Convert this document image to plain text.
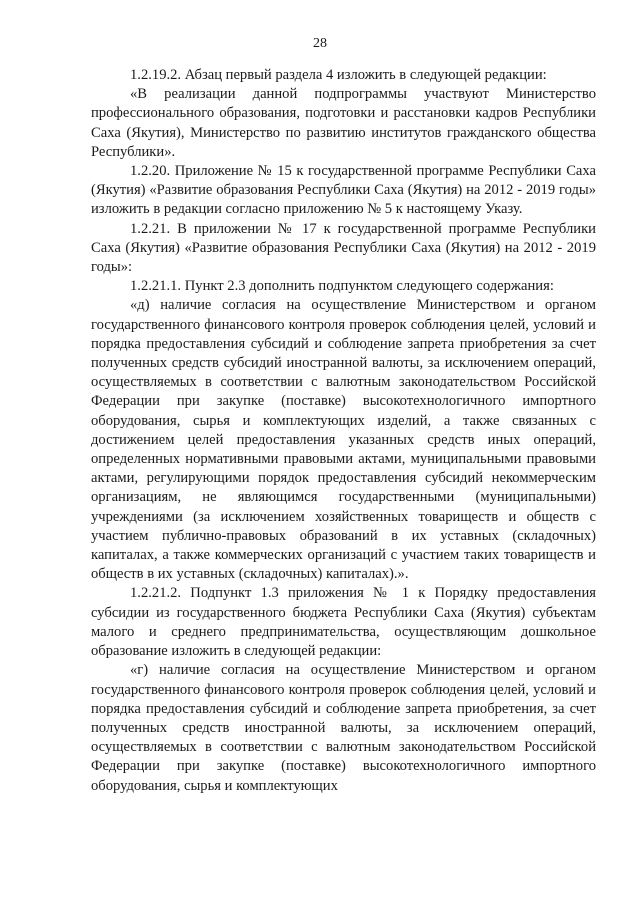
28

1.2.19.2. Абзац первый раздела 4 изложить в следующей редакции:

«В реализации данной подпрограммы участвуют Министерство профессионального образования, подготовки и расстановки кадров Республики Саха (Якутия), Министерство по развитию институтов гражданского общества Республики».

1.2.20. Приложение № 15 к государственной программе Республики Саха (Якутия) «Развитие образования Республики Саха (Якутия) на 2012 - 2019 годы» изложить в редакции согласно приложению № 5 к настоящему Указу.

1.2.21. В приложении № 17 к государственной программе Республики Саха (Якутия) «Развитие образования Республики Саха (Якутия) на 2012 - 2019 годы»:

1.2.21.1. Пункт 2.3 дополнить подпунктом следующего содержания:

«д) наличие согласия на осуществление Министерством и органом государственного финансового контроля проверок соблюдения целей, условий и порядка предоставления субсидий и соблюдение запрета приобретения за счет полученных средств субсидий иностранной валюты, за исключением операций, осуществляемых в соответствии с валютным законодательством Российской Федерации при закупке (поставке) высокотехнологичного импортного оборудования, сырья и комплектующих изделий, а также связанных с достижением целей предоставления указанных средств иных операций, определенных нормативными правовыми актами, муниципальными правовыми актами, регулирующими порядок предоставления субсидий некоммерческим организациям, не являющимся государственными (муниципальными) учреждениями (за исключением хозяйственных товариществ и обществ с участием публично-правовых образований в их уставных (складочных) капиталах, а также коммерческих организаций с участием таких товариществ и обществ в их уставных (складочных) капиталах).».

1.2.21.2. Подпункт 1.3 приложения № 1 к Порядку предоставления субсидии из государственного бюджета Республики Саха (Якутия) субъектам малого и среднего предпринимательства, осуществляющим дошкольное образование изложить в следующей редакции:

«г) наличие согласия на осуществление Министерством и органом государственного финансового контроля проверок соблюдения целей, условий и порядка предоставления субсидий и соблюдение запрета приобретения, за счет полученных средств иностранной валюты, за исключением операций, осуществляемых в соответствии с валютным законодательством Российской Федерации при закупке (поставке) высокотехнологичного импортного оборудования, сырья и комплектующих
